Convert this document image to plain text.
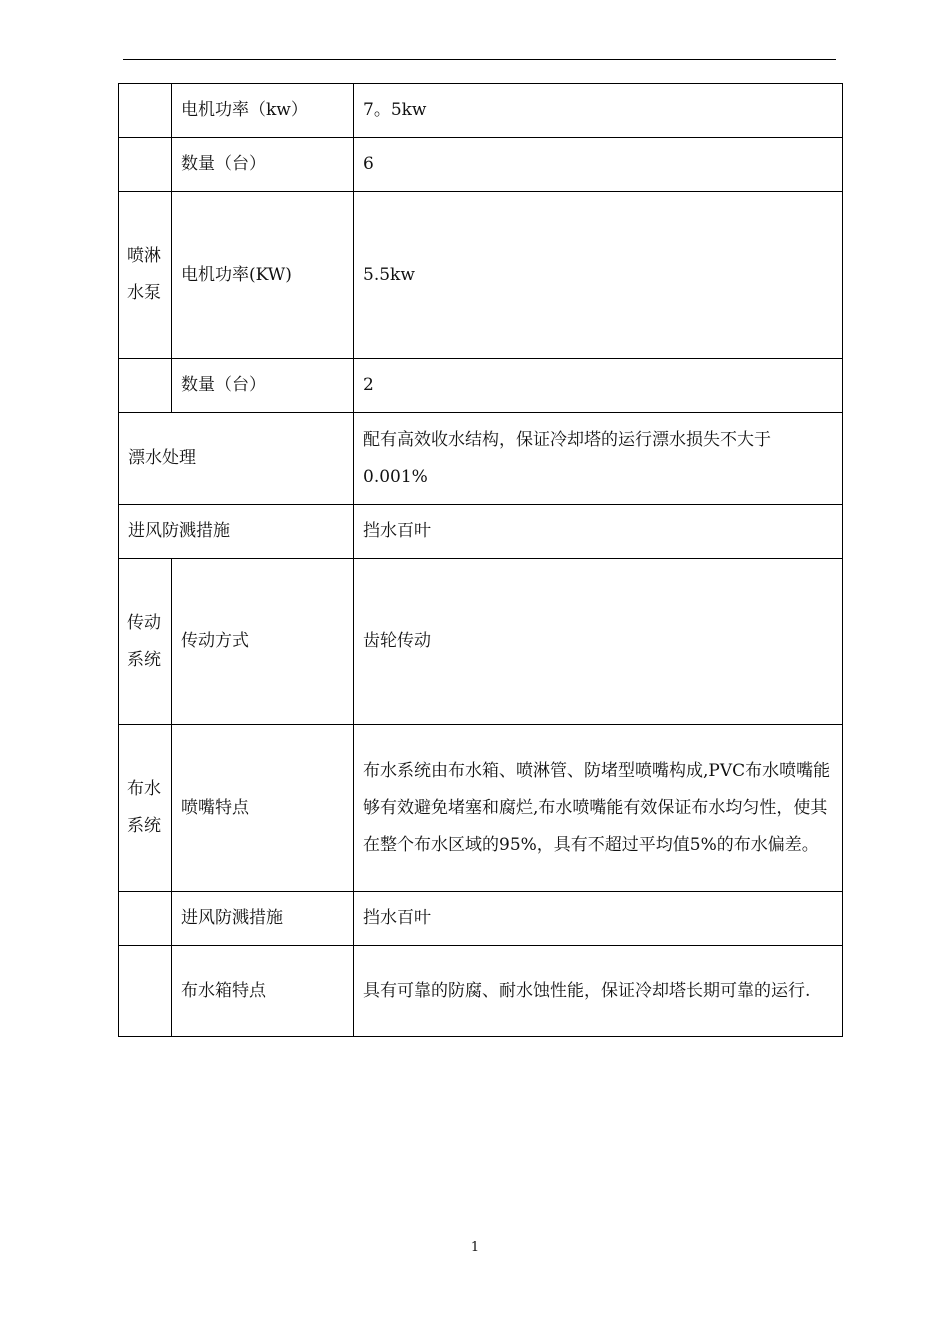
	电机功率（kw）	7。5kw
	数量（台）	6

喷淋水泵	电机功率(KW)	5.5kw
	数量（台）	2
漂水处理		配有高效收水结构，保证冷却塔的运行漂水损失不大于0.001%
进风防溅措施		挡水百叶

传动系统	传动方式	齿轮传动

布水系统	喷嘴特点	布水系统由布水箱、喷淋管、防堵型喷嘴构成,PVC布水喷嘴能够有效避免堵塞和腐烂,布水喷嘴能有效保证布水均匀性，使其在整个布水区域的95%，具有不超过平均值5%的布水偏差。
	进风防溅措施	挡水百叶
	布水箱特点	具有可靠的防腐、耐水蚀性能，保证冷却塔长期可靠的运行.
1
